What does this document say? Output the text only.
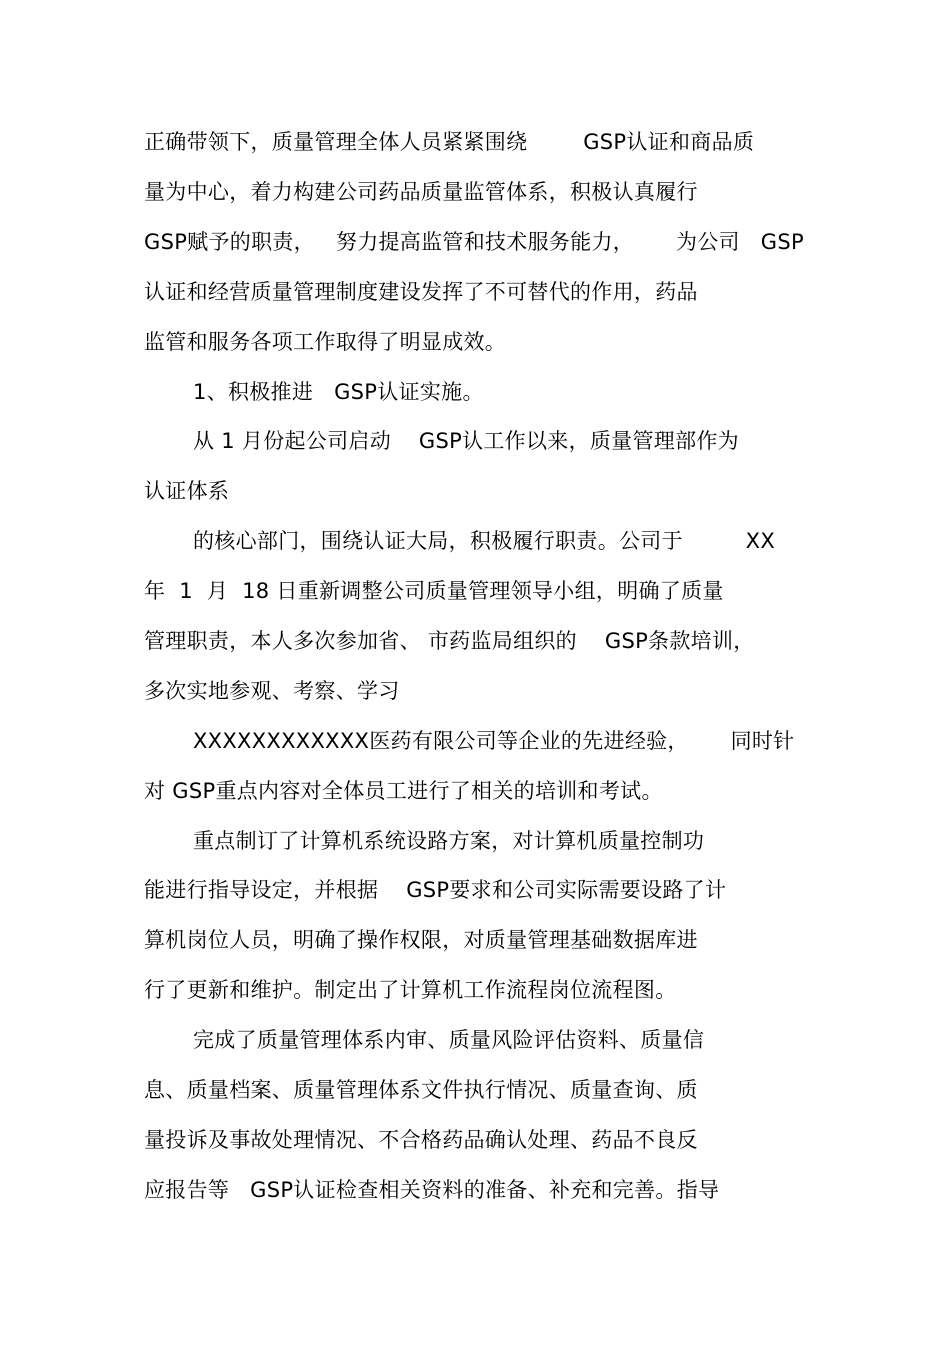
正确带领下，质量管理全体人员紧紧围绕        GSP认证和商品质
量为中心，着力构建公司药品质量监管体系，积极认真履行
GSP赋予的职责，   努力提高监管和技术服务能力，      为公司   GSP
认证和经营质量管理制度建设发挥了不可替代的作用，药品
监管和服务各项工作取得了明显成效。
1、积极推进   GSP认证实施。
从 1 月份起公司启动    GSP认工作以来，质量管理部作为
认证体系
的核心部门，围绕认证大局，积极履行职责。公司于         XX
年  1  月  18 日重新调整公司质量管理领导小组，明确了质量
管理职责，本人多次参加省、 市药监局组织的    GSP条款培训，
多次实地参观、考察、学习
XXXXXXXXXXXX医药有限公司等企业的先进经验，      同时针
对 GSP重点内容对全体员工进行了相关的培训和考试。
重点制订了计算机系统设路方案，对计算机质量控制功
能进行指导设定，并根据    GSP要求和公司实际需要设路了计
算机岗位人员，明确了操作权限，对质量管理基础数据库进
行了更新和维护。制定出了计算机工作流程岗位流程图。
完成了质量管理体系内审、质量风险评估资料、质量信
息、质量档案、质量管理体系文件执行情况、质量查询、质
量投诉及事故处理情况、不合格药品确认处理、药品不良反
应报告等   GSP认证检查相关资料的准备、补充和完善。指导
